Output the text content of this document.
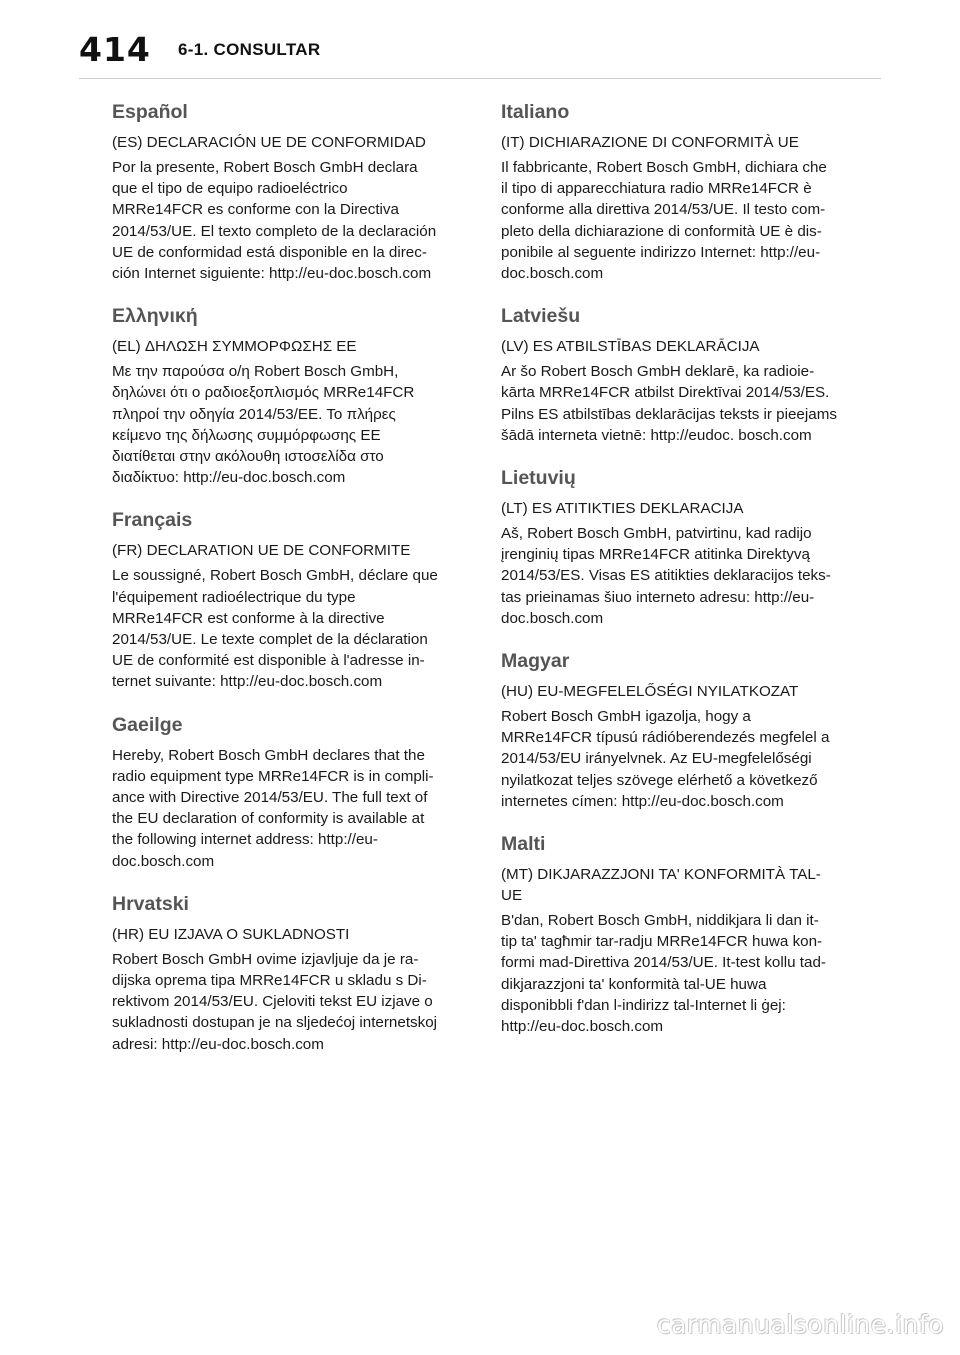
414 6-1. CONSULTAR
Español
(ES) DECLARACIÓN UE DE CONFORMIDAD
Por la presente, Robert Bosch GmbH declara
que el tipo de equipo radioeléctrico
MRRe14FCR es conforme con la Directiva
2014/53/UE. El texto completo de la declaración
UE de conformidad está disponible en la direc-
ción Internet siguiente: http://eu-doc.bosch.com
Ελληνική
(EL) ΔΗΛΩΣΗ ΣΥΜΜΟΡΦΩΣΗΣ ΕΕ
Με την παρούσα ο/η Robert Bosch GmbH,
δηλώνει ότι ο ραδιοεξοπλισμός MRRe14FCR
πληροί την οδηγία 2014/53/ΕΕ. Το πλήρες
κείμενο της δήλωσης συμμόρφωσης ΕΕ
διατίθεται στην ακόλουθη ιστοσελίδα στο
διαδίκτυο: http://eu-doc.bosch.com
Français
(FR) DECLARATION UE DE CONFORMITE
Le soussigné, Robert Bosch GmbH, déclare que
l'équipement radioélectrique du type
MRRe14FCR est conforme à la directive
2014/53/UE. Le texte complet de la déclaration
UE de conformité est disponible à l'adresse in-
ternet suivante: http://eu-doc.bosch.com
Gaeilge
Hereby, Robert Bosch GmbH declares that the
radio equipment type MRRe14FCR is in compli-
ance with Directive 2014/53/EU. The full text of
the EU declaration of conformity is available at
the following internet address: http://eu-
doc.bosch.com
Hrvatski
(HR) EU IZJAVA O SUKLADNOSTI
Robert Bosch GmbH ovime izjavljuje da je ra-
dijska oprema tipa MRRe14FCR u skladu s Di-
rektivom 2014/53/EU. Cjeloviti tekst EU izjave o
sukladnosti dostupan je na sljedećoj internetskoj
adresi: http://eu-doc.bosch.com
Italiano
(IT) DICHIARAZIONE DI CONFORMITÀ UE
Il fabbricante, Robert Bosch GmbH, dichiara che
il tipo di apparecchiatura radio MRRe14FCR è
conforme alla direttiva 2014/53/UE. Il testo com-
pleto della dichiarazione di conformità UE è dis-
ponibile al seguente indirizzo Internet: http://eu-
doc.bosch.com
Latviešu
(LV) ES ATBILSTĪBAS DEKLARĀCIJA
Ar šo Robert Bosch GmbH deklarē, ka radioie-
kārta MRRe14FCR atbilst Direktīvai 2014/53/ES.
Pilns ES atbilstības deklarācijas teksts ir pieejams
šādā interneta vietnē: http://eudoc. bosch.com
Lietuvių
(LT) ES ATITIKTIES DEKLARACIJA
Aš, Robert Bosch GmbH, patvirtinu, kad radijo
įrenginių tipas MRRe14FCR atitinka Direktyvą
2014/53/ES. Visas ES atitikties deklaracijos teks-
tas prieinamas šiuo interneto adresu: http://eu-
doc.bosch.com
Magyar
(HU) EU-MEGFELELŐSÉGI NYILATKOZAT
Robert Bosch GmbH igazolja, hogy a
MRRe14FCR típusú rádióberendezés megfelel a
2014/53/EU irányelvnek. Az EU-megfelelőségi
nyilatkozat teljes szövege elérhető a következő
internetes címen: http://eu-doc.bosch.com
Malti
(MT) DIKJARAZZJONI TA' KONFORMITÀ TAL-
UE
B'dan, Robert Bosch GmbH, niddikjara li dan it-
tip ta' tagħmir tar-radju MRRe14FCR huwa kon-
formi mad-Direttiva 2014/53/UE. It-test kollu tad-
dikjarazzjoni ta' konformità tal-UE huwa
disponibbli f'dan l-indirizz tal-Internet li ġej:
http://eu-doc.bosch.com
carmanualsonline.info
